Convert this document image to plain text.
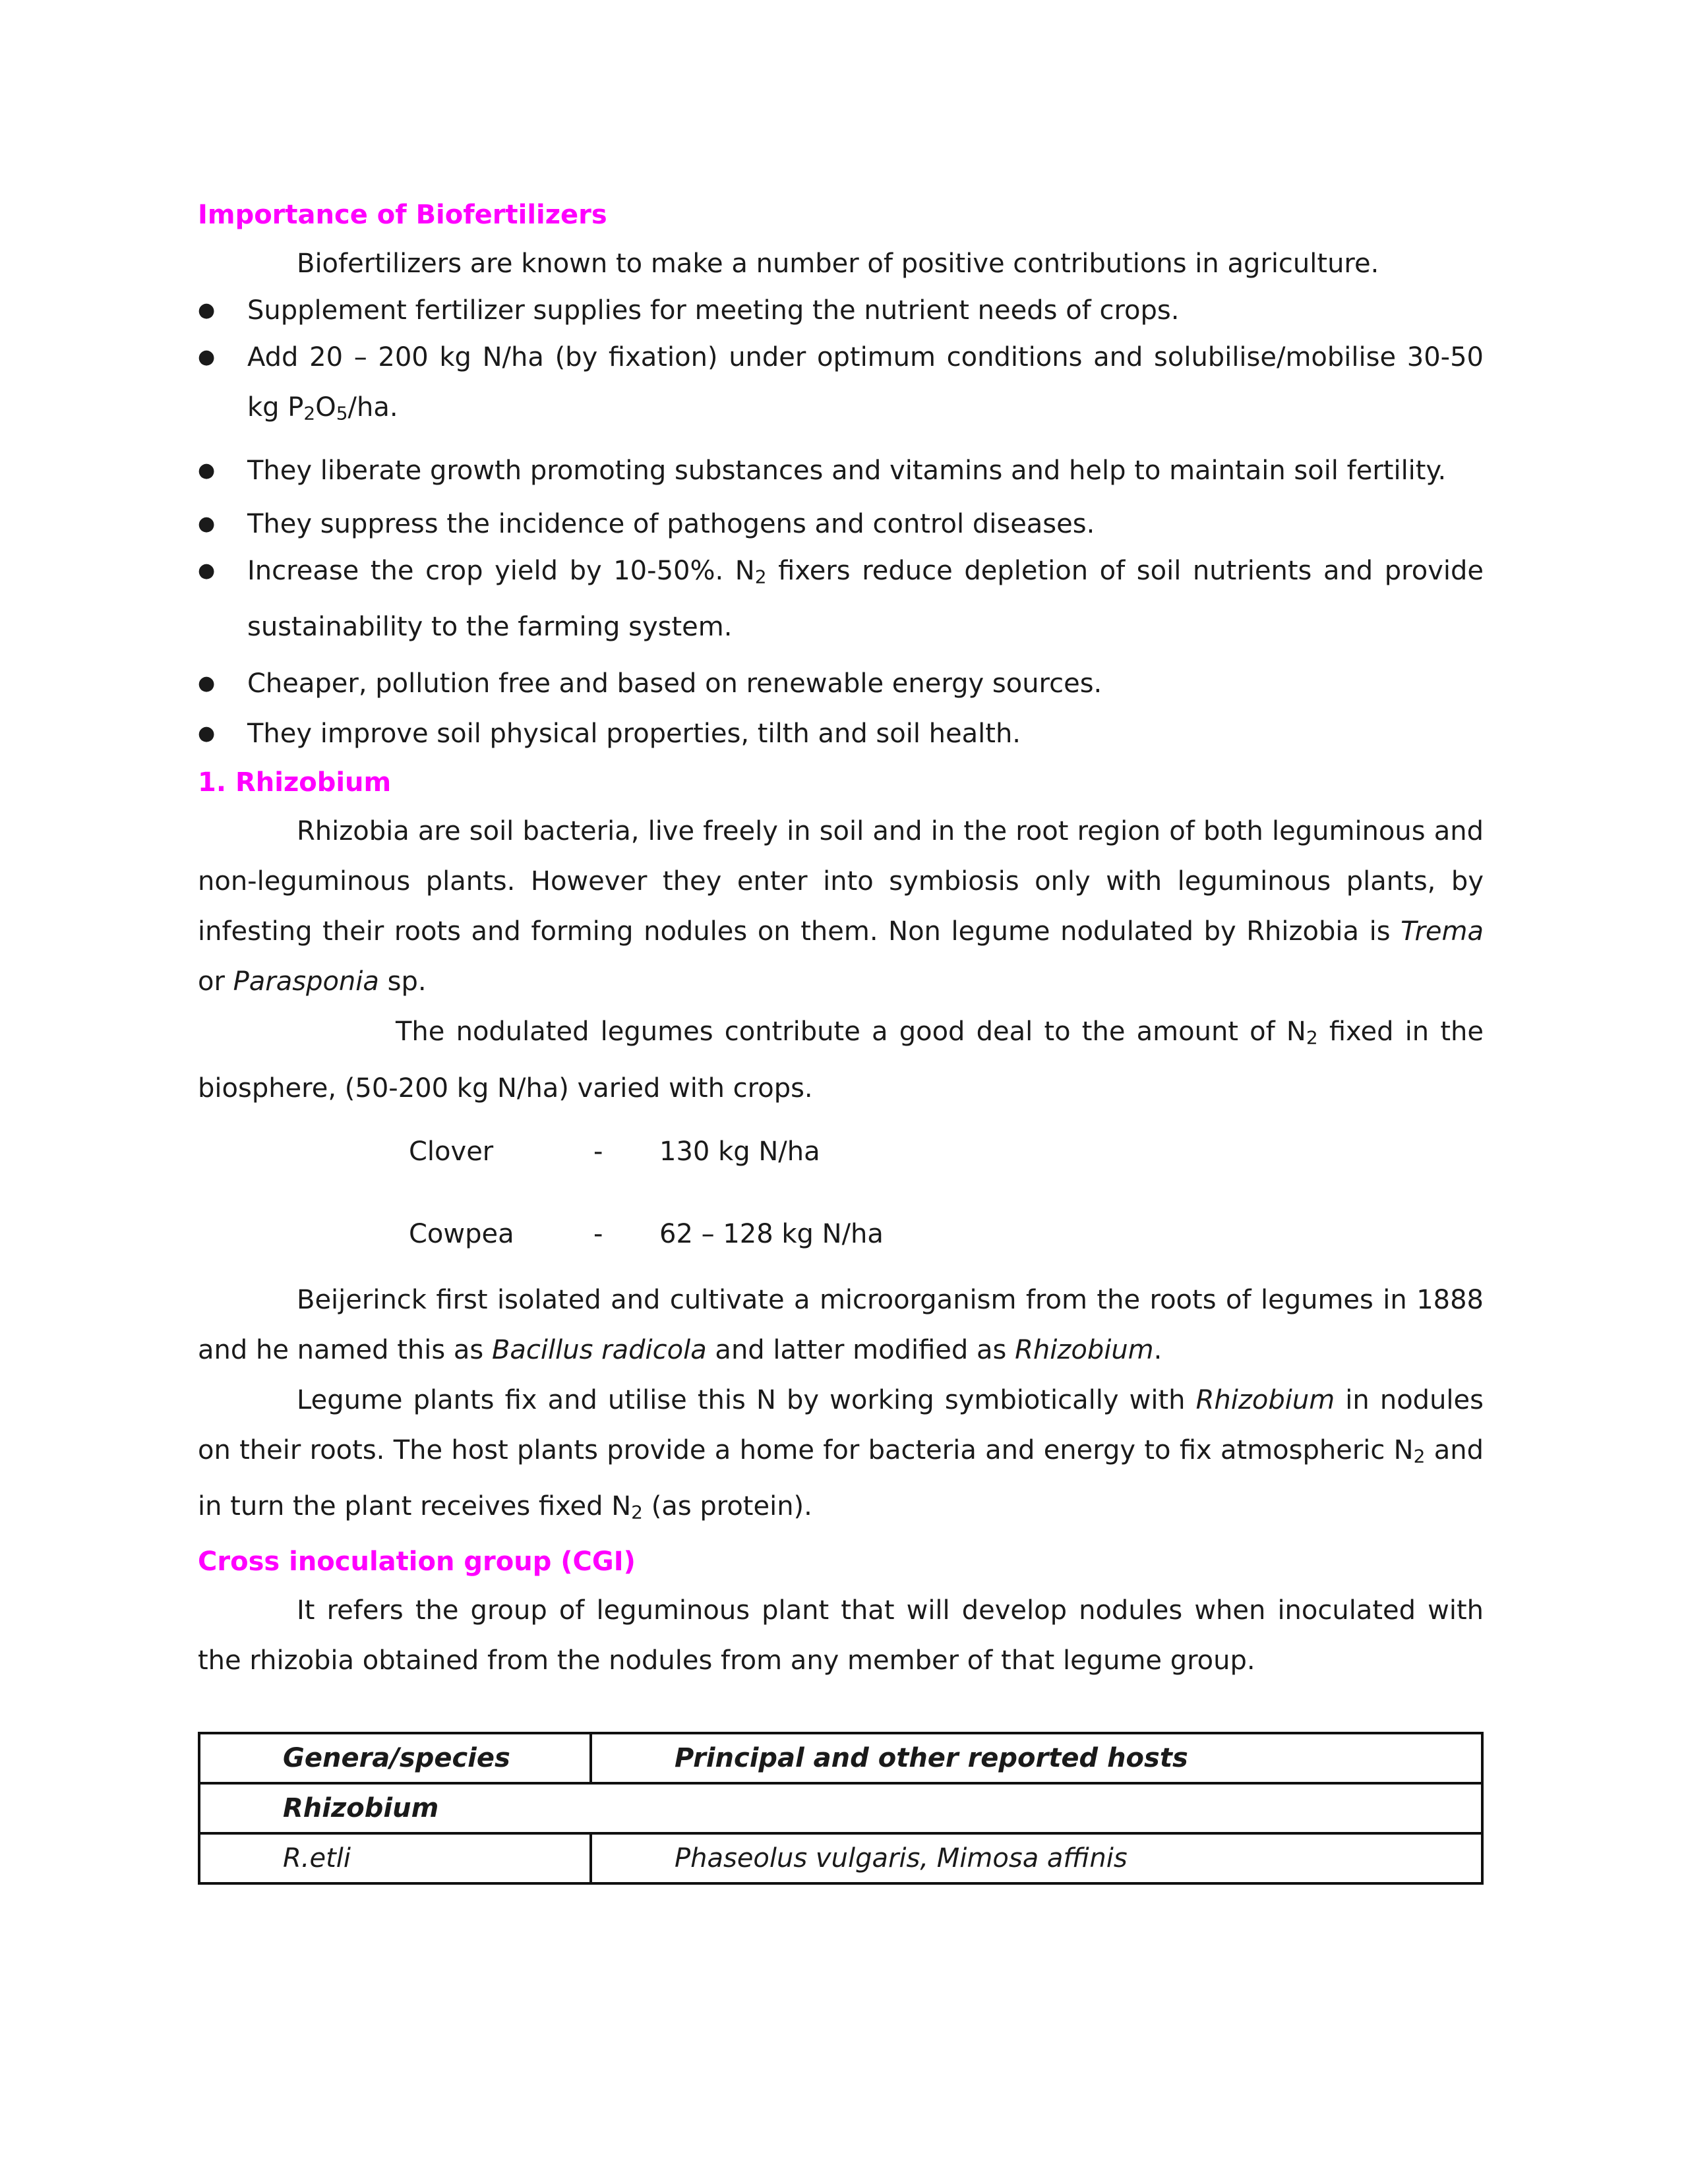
Importance of Biofertilizers

Biofertilizers are known to make a number of positive contributions in agriculture.

● Supplement fertilizer supplies for meeting the nutrient needs of crops.
● Add 20 – 200 kg N/ha (by fixation) under optimum conditions and solubilise/mobilise 30-50 kg $P_2O_5/ha$.
● They liberate growth promoting substances and vitamins and help to maintain soil fertility.
● They suppress the incidence of pathogens and control diseases.
● Increase the crop yield by 10-50%. $N_2$ fixers reduce depletion of soil nutrients and provide sustainability to the farming system.
● Cheaper, pollution free and based on renewable energy sources.
● They improve soil physical properties, tilth and soil health.
1. Rhizobium

Rhizobia are soil bacteria, live freely in soil and in the root region of both leguminous and non-leguminous plants. However they enter into symbiosis only with leguminous plants, by infesting their roots and forming nodules on them. Non legume nodulated by Rhizobia is Trema or Parasponia sp.

The nodulated legumes contribute a good deal to the amount of $N_2$ fixed in the biosphere, (50-200 kg N/ha) varied with crops.

Clover	-	130 kg N/ha
Cowpea	-	62 – 128 kg N/ha

Beijerinck first isolated and cultivate a microorganism from the roots of legumes in 1888 and he named this as Bacillus radicola and latter modified as Rhizobium.

Legume plants fix and utilise this N by working symbiotically with Rhizobium in nodules on their roots. The host plants provide a home for bacteria and energy to fix atmospheric $N_2$ and in turn the plant receives fixed $N_2$ (as protein).

Cross inoculation group (CGI)

It refers the group of leguminous plant that will develop nodules when inoculated with the rhizobia obtained from the nodules from any member of that legume group.

Genera/species	Principal and other reported hosts
Rhizobium	
R.etli	Phaseolus vulgaris, Mimosa affinis
